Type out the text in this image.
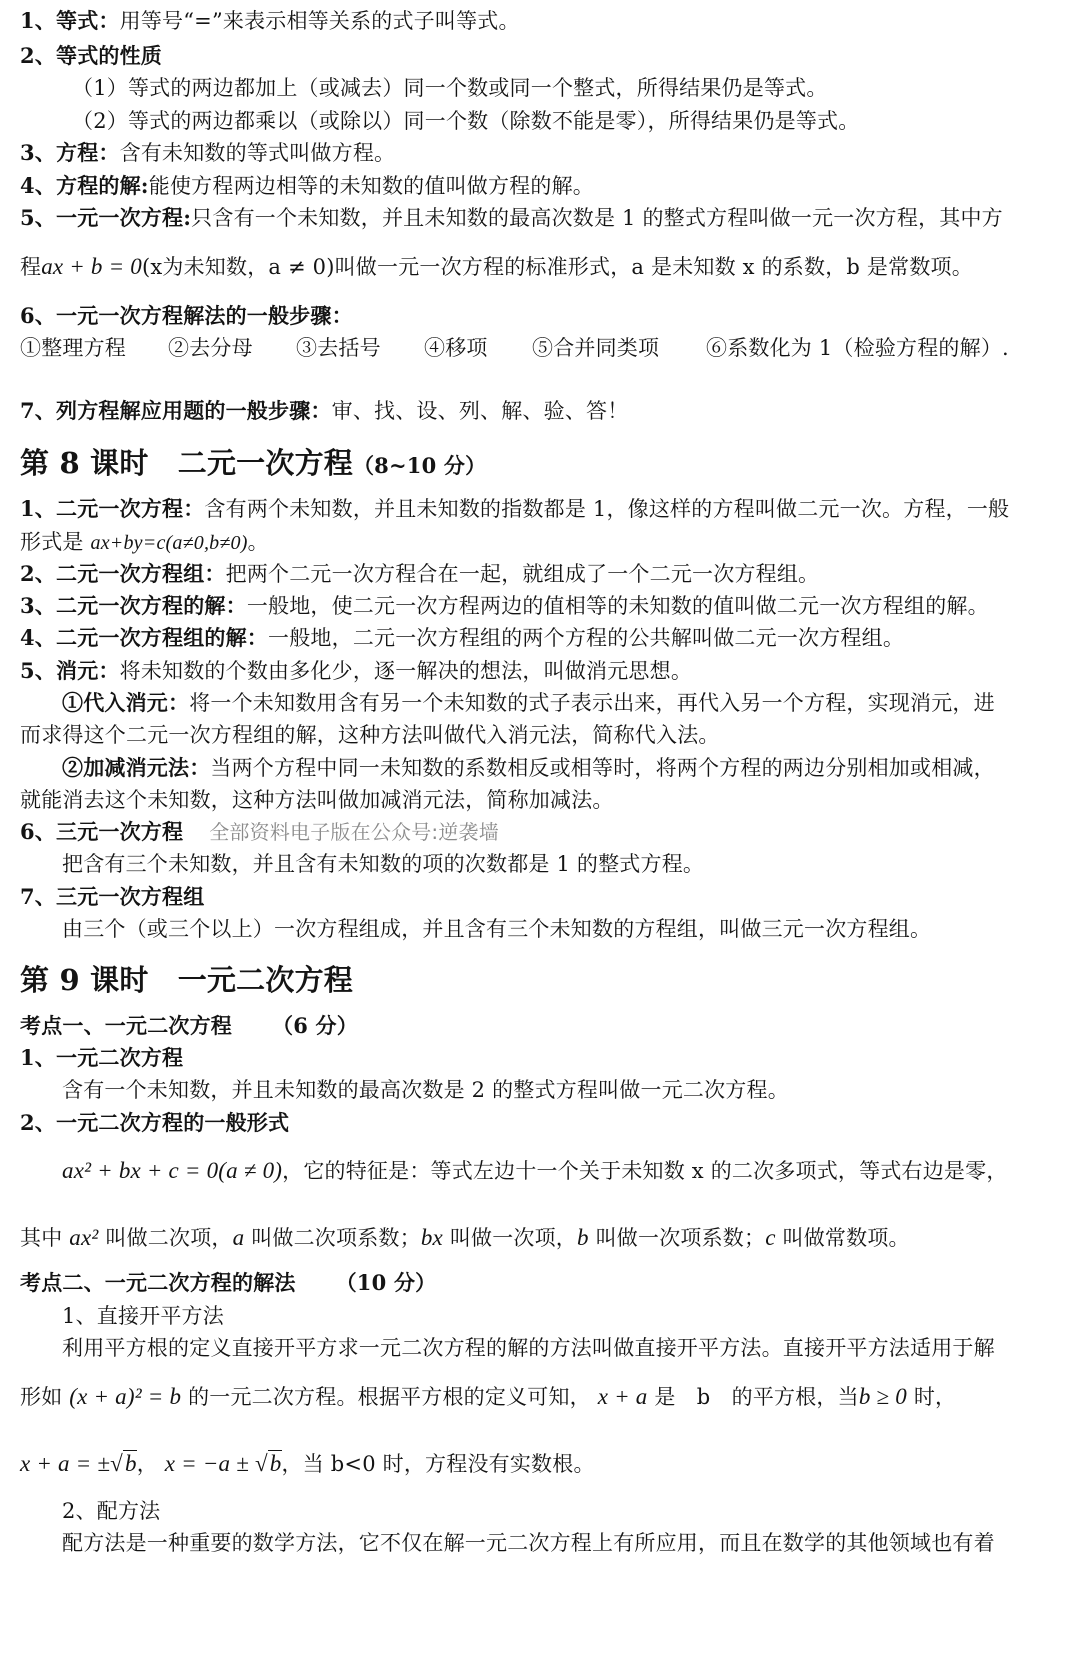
1、等式：用等号“=”来表示相等关系的式子叫等式。
2、等式的性质
（1）等式的两边都加上（或减去）同一个数或同一个整式，所得结果仍是等式。
（2）等式的两边都乘以（或除以）同一个数（除数不能是零），所得结果仍是等式。
3、方程：含有未知数的等式叫做方程。
4、方程的解:能使方程两边相等的未知数的值叫做方程的解。
5、一元一次方程:只含有一个未知数，并且未知数的最高次数是 1 的整式方程叫做一元一次方程，其中方
程ax + b = 0(x为未知数，a ≠ 0)叫做一元一次方程的标准形式，a 是未知数 x 的系数，b 是常数项。
6、一元一次方程解法的一般步骤：
①整理方程 ②去分母 ③去括号 ④移项 ⑤合并同类项 ⑥系数化为 1（检验方程的解）.
7、列方程解应用题的一般步骤：审、找、设、列、解、验、答！
第 8 课时　二元一次方程（8~10 分）
1、二元一次方程：含有两个未知数，并且未知数的指数都是 1，像这样的方程叫做二元一次。方程，一般
形式是 ax+by=c(a≠0,b≠0)。
2、二元一次方程组：把两个二元一次方程合在一起，就组成了一个二元一次方程组。
3、二元一次方程的解：一般地，使二元一次方程两边的值相等的未知数的值叫做二元一次方程组的解。
4、二元一次方程组的解：一般地，二元一次方程组的两个方程的公共解叫做二元一次方程组。
5、消元：将未知数的个数由多化少，逐一解决的想法，叫做消元思想。
①代入消元：将一个未知数用含有另一个未知数的式子表示出来，再代入另一个方程，实现消元，进
而求得这个二元一次方程组的解，这种方法叫做代入消元法，简称代入法。
②加减消元法：当两个方程中同一未知数的系数相反或相等时，将两个方程的两边分别相加或相减，
就能消去这个未知数，这种方法叫做加减消元法，简称加减法。
6、三元一次方程 全部资料电子版在公众号:逆袭墙
把含有三个未知数，并且含有未知数的项的次数都是 1 的整式方程。
7、三元一次方程组
由三个（或三个以上）一次方程组成，并且含有三个未知数的方程组，叫做三元一次方程组。
第 9 课时　一元二次方程
考点一、一元二次方程 （6 分）
1、一元二次方程
含有一个未知数，并且未知数的最高次数是 2 的整式方程叫做一元二次方程。
2、一元二次方程的一般形式
ax² + bx + c = 0(a ≠ 0)，它的特征是：等式左边十一个关于未知数 x 的二次多项式，等式右边是零，
其中 ax² 叫做二次项，a 叫做二次项系数；bx 叫做一次项，b 叫做一次项系数；c 叫做常数项。
考点二、一元二次方程的解法 （10 分）
1、直接开平方法
利用平方根的定义直接开平方求一元二次方程的解的方法叫做直接开平方法。直接开平方法适用于解
形如 (x + a)² = b 的一元二次方程。根据平方根的定义可知， x + a 是　b　的平方根，当b ≥ 0 时，
x + a = ±√b， x = −a ± √b，当 b<0 时，方程没有实数根。
2、配方法
配方法是一种重要的数学方法，它不仅在解一元二次方程上有所应用，而且在数学的其他领域也有着
